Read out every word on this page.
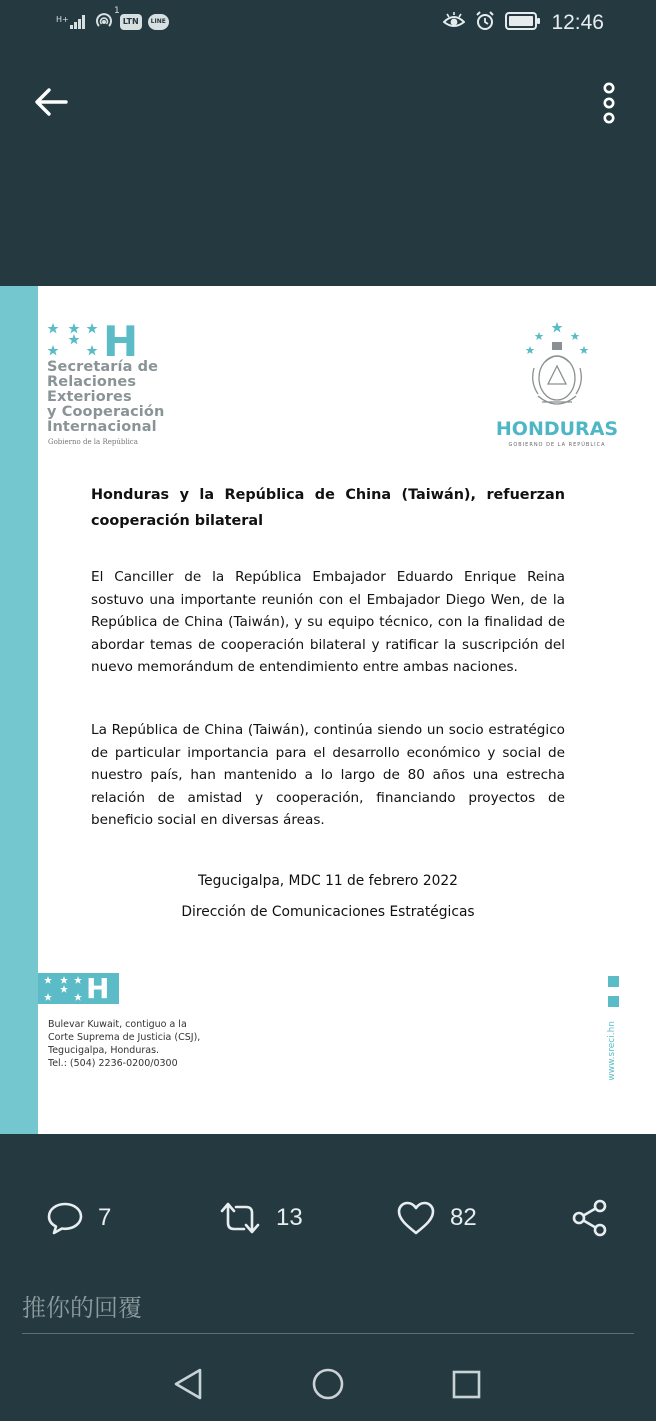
H+
1
LTN	LINE	12:46
H
Secretaría de
Relaciones
Exteriores
y Cooperación
Internacional
Gobierno de la República
HONDURAS
GOBIERNO DE LA REPÚBLICA
Honduras y la República de China (Taiwán), refuerzan cooperación bilateral
El Canciller de la República Embajador Eduardo Enrique Reina sostuvo una importante reunión con el Embajador Diego Wen, de la República de China (Taiwán), y su equipo técnico, con la finalidad de abordar temas de cooperación bilateral y ratificar la suscripción del nuevo memorándum de entendimiento entre ambas naciones.
La República de China (Taiwán), continúa siendo un socio estratégico de particular importancia para el desarrollo económico y social de nuestro país, han mantenido a lo largo de 80 años una estrecha relación de amistad y cooperación, financiando proyectos de beneficio social en diversas áreas.
Tegucigalpa, MDC 11 de febrero 2022
Dirección de Comunicaciones Estratégicas
H
Bulevar Kuwait, contiguo a la
Corte Suprema de Justicia (CSJ),
Tegucigalpa, Honduras.
Tel.: (504) 2236-0200/0300	www.sreci.hn
7	13	82
推你的回覆
